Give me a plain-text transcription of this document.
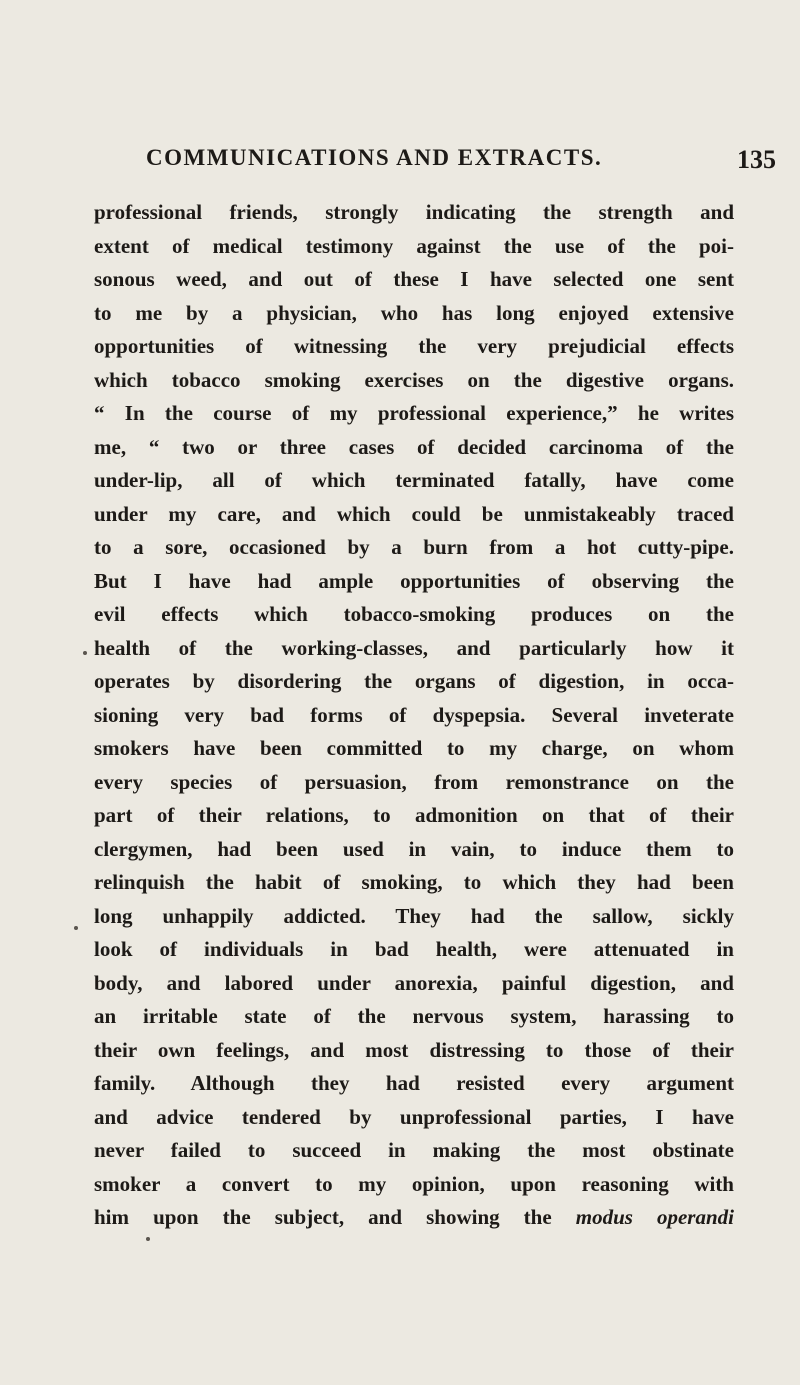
COMMUNICATIONS AND EXTRACTS.	135
professional friends, strongly indicating the strength and
extent of medical testimony against the use of the poi-
sonous weed, and out of these I have selected one sent
to me by a physician, who has long enjoyed extensive
opportunities of witnessing the very prejudicial effects
which tobacco smoking exercises on the digestive organs.
“ In the course of my professional experience,” he writes
me, “ two or three cases of decided carcinoma of the
under-lip, all of which terminated fatally, have come
under my care, and which could be unmistakeably traced
to a sore, occasioned by a burn from a hot cutty-pipe.
But I have had ample opportunities of observing the
evil effects which tobacco-smoking produces on the
health of the working-classes, and particularly how it
operates by disordering the organs of digestion, in occa-
sioning very bad forms of dyspepsia. Several inveterate
smokers have been committed to my charge, on whom
every species of persuasion, from remonstrance on the
part of their relations, to admonition on that of their
clergymen, had been used in vain, to induce them to
relinquish the habit of smoking, to which they had been
long unhappily addicted. They had the sallow, sickly
look of individuals in bad health, were attenuated in
body, and labored under anorexia, painful digestion, and
an irritable state of the nervous system, harassing to
their own feelings, and most distressing to those of their
family. Although they had resisted every argument
and advice tendered by unprofessional parties, I have
never failed to succeed in making the most obstinate
smoker a convert to my opinion, upon reasoning with
him upon the subject, and showing the modus operandi
